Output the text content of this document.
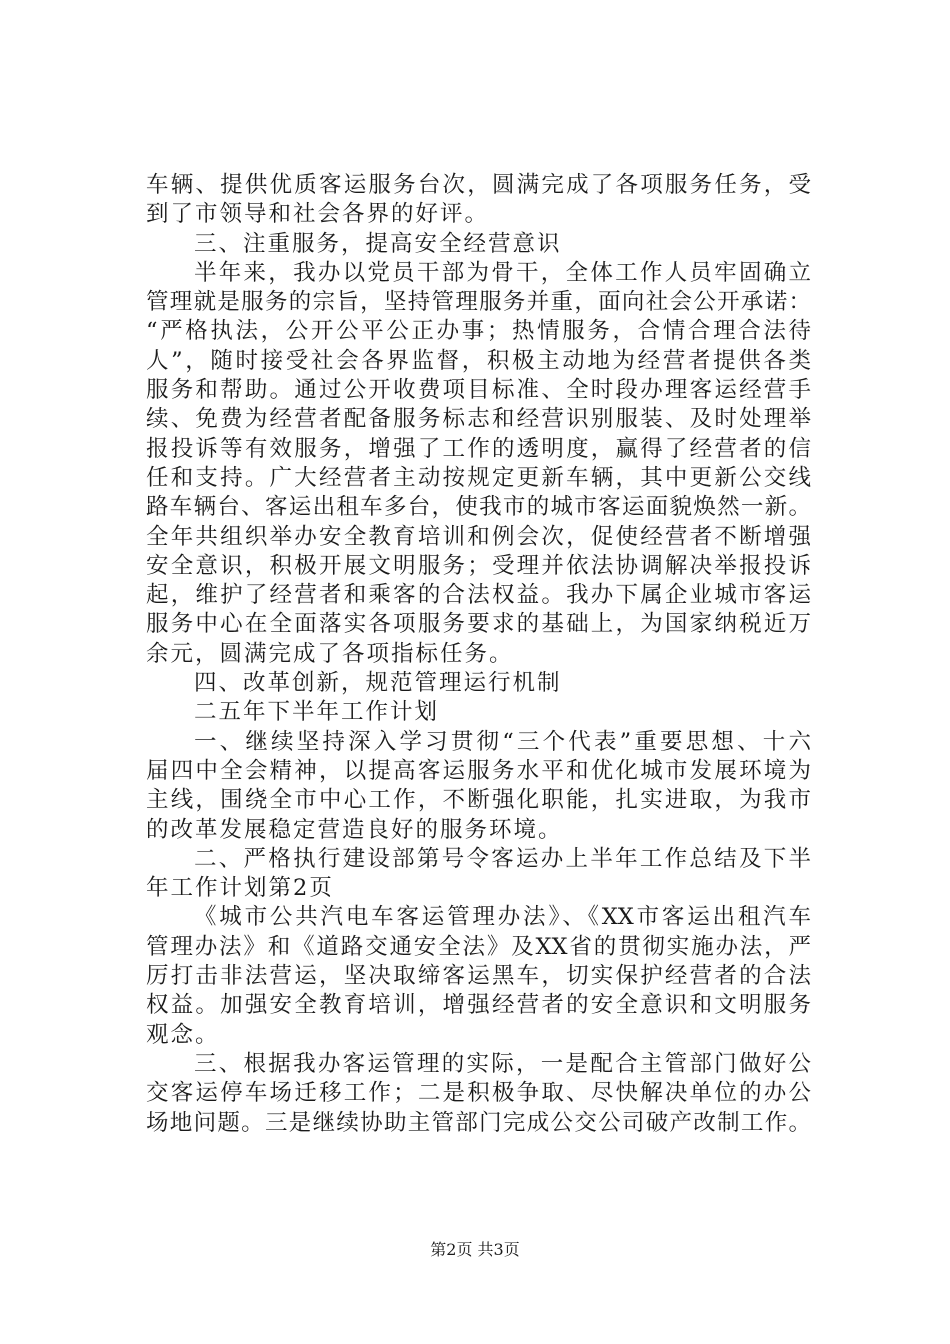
车辆、提供优质客运服务台次，圆满完成了各项服务任务，受
到了市领导和社会各界的好评。
三、注重服务，提高安全经营意识
半年来，我办以党员干部为骨干，全体工作人员牢固确立
管理就是服务的宗旨，坚持管理服务并重，面向社会公开承诺：
“严格执法，公开公平公正办事；热情服务，合情合理合法待
人”，随时接受社会各界监督，积极主动地为经营者提供各类
服务和帮助。通过公开收费项目标准、全时段办理客运经营手
续、免费为经营者配备服务标志和经营识别服装、及时处理举
报投诉等有效服务，增强了工作的透明度，赢得了经营者的信
任和支持。广大经营者主动按规定更新车辆，其中更新公交线
路车辆台、客运出租车多台，使我市的城市客运面貌焕然一新。
全年共组织举办安全教育培训和例会次，促使经营者不断增强
安全意识，积极开展文明服务；受理并依法协调解决举报投诉
起，维护了经营者和乘客的合法权益。我办下属企业城市客运
服务中心在全面落实各项服务要求的基础上，为国家纳税近万
余元，圆满完成了各项指标任务。
四、改革创新，规范管理运行机制
二五年下半年工作计划
一、继续坚持深入学习贯彻“三个代表”重要思想、十六
届四中全会精神，以提高客运服务水平和优化城市发展环境为
主线，围绕全市中心工作，不断强化职能，扎实进取，为我市
的改革发展稳定营造良好的服务环境。
二、严格执行建设部第号令客运办上半年工作总结及下半
年工作计划第2页
《城市公共汽电车客运管理办法》、《XX市客运出租汽车
管理办法》和《道路交通安全法》及XX省的贯彻实施办法，严
厉打击非法营运，坚决取缔客运黑车，切实保护经营者的合法
权益。加强安全教育培训，增强经营者的安全意识和文明服务
观念。
三、根据我办客运管理的实际，一是配合主管部门做好公
交客运停车场迁移工作；二是积极争取、尽快解决单位的办公
场地问题。三是继续协助主管部门完成公交公司破产改制工作。
第2页 共3页
